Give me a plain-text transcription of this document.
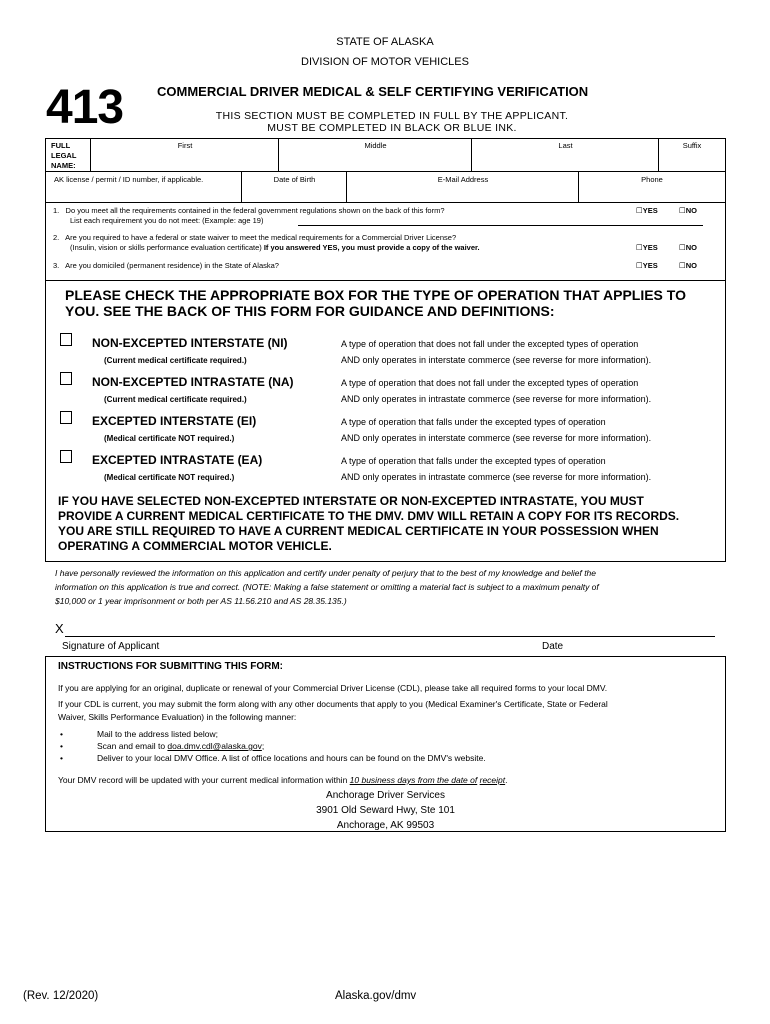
STATE OF ALASKA
DIVISION OF MOTOR VEHICLES
413	COMMERCIAL DRIVER MEDICAL & SELF CERTIFYING VERIFICATION
THIS SECTION MUST BE COMPLETED IN FULL BY THE APPLICANT.
MUST BE COMPLETED IN BLACK OR BLUE INK.
FULL
LEGAL
NAME:
First	Middle	Last	Suffix
AK license / permit / ID number, if applicable.	Date of Birth	E-Mail Address	Phone
1. Do you meet all the requirements contained in the federal government regulations shown on the back of this form?
List each requirement you do not meet: (Example: age 19)
☐YES	☐NO
2. Are you required to have a federal or state waiver to meet the medical requirements for a Commercial Driver License?
(Insulin, vision or skills performance evaluation certificate) If you answered YES, you must provide a copy of the waiver.	☐YES	☐NO
3. Are you domiciled (permanent residence) in the State of Alaska?	☐YES	☐NO
PLEASE CHECK THE APPROPRIATE BOX FOR THE TYPE OF OPERATION THAT APPLIES TO
YOU. SEE THE BACK OF THIS FORM FOR GUIDANCE AND DEFINITIONS:
NON-EXCEPTED INTERSTATE (NI)
(Current medical certificate required.)
A type of operation that does not fall under the excepted types of operation
AND only operates in interstate commerce (see reverse for more information).
NON-EXCEPTED INTRASTATE (NA)
(Current medical certificate required.)
A type of operation that does not fall under the excepted types of operation
AND only operates in intrastate commerce (see reverse for more information).
EXCEPTED INTERSTATE (EI)
(Medical certificate NOT required.)
A type of operation that falls under the excepted types of operation
AND only operates in interstate commerce (see reverse for more information).
EXCEPTED INTRASTATE (EA)
(Medical certificate NOT required.)
A type of operation that falls under the excepted types of operation
AND only operates in intrastate commerce (see reverse for more information).
IF YOU HAVE SELECTED NON-EXCEPTED INTERSTATE OR NON-EXCEPTED INTRASTATE, YOU MUST
PROVIDE A CURRENT MEDICAL CERTIFICATE TO THE DMV. DMV WILL RETAIN A COPY FOR ITS RECORDS.
YOU ARE STILL REQUIRED TO HAVE A CURRENT MEDICAL CERTIFICATE IN YOUR POSSESSION WHEN
OPERATING A COMMERCIAL MOTOR VEHICLE.
I have personally reviewed the information on this application and certify under penalty of perjury that to the best of my knowledge and belief the
information on this application is true and correct. (NOTE: Making a false statement or omitting a material fact is subject to a maximum penalty of
$10,000 or 1 year imprisonment or both per AS 11.56.210 and AS 28.35.135.)
X
Signature of Applicant	Date
INSTRUCTIONS FOR SUBMITTING THIS FORM:
If you are applying for an original, duplicate or renewal of your Commercial Driver License (CDL), please take all required forms to your local DMV.
If your CDL is current, you may submit the form along with any other documents that apply to you (Medical Examiner's Certificate, State or Federal
Waiver, Skills Performance Evaluation) in the following manner:
•	Mail to the address listed below;
•	Scan and email to doa.dmv.cdl@alaska.gov;
•	Deliver to your local DMV Office. A list of office locations and hours can be found on the DMV's website.
Your DMV record will be updated with your current medical information within 10 business days from the date of receipt.
Anchorage Driver Services
3901 Old Seward Hwy, Ste 101
Anchorage, AK 99503
(Rev. 12/2020)	Alaska.gov/dmv
